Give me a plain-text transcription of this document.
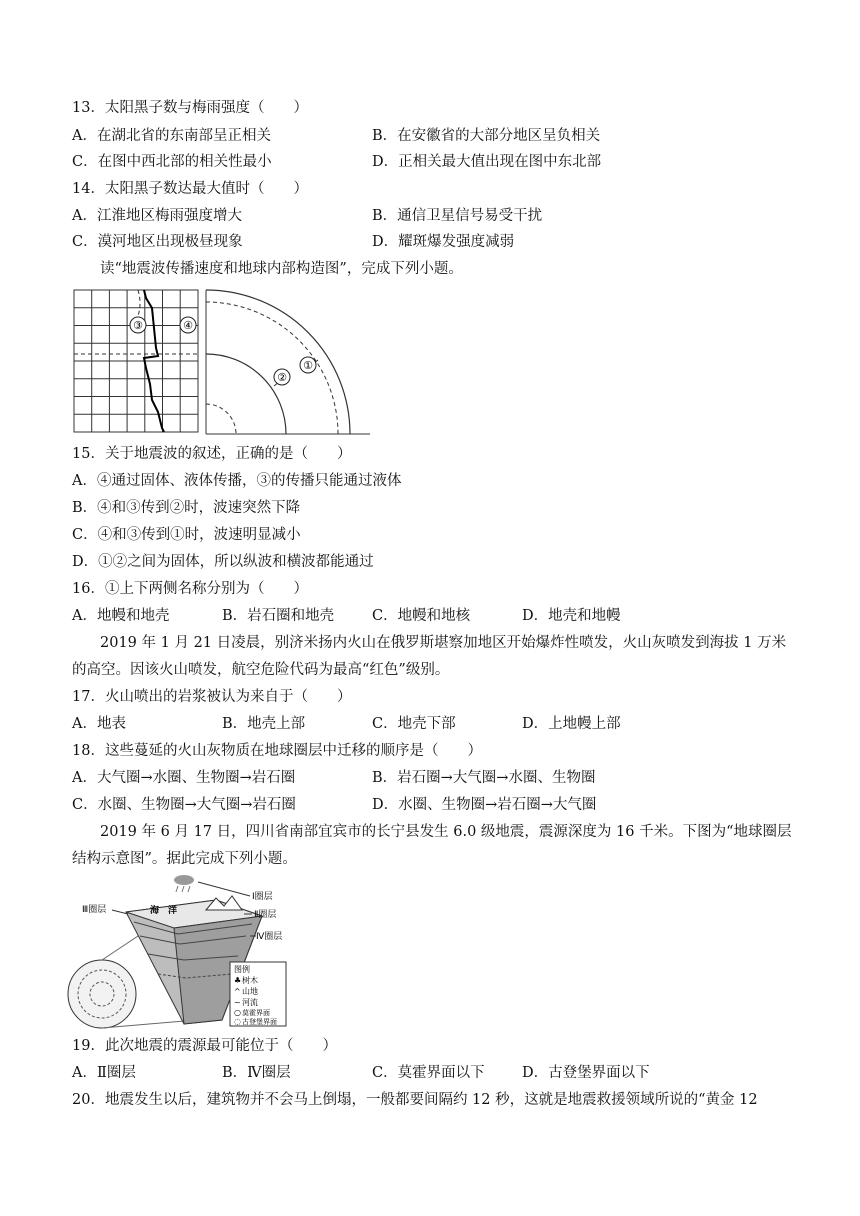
13．太阳黑子数与梅雨强度（　　）
A．在湖北省的东南部呈正相关	B．在安徽省的大部分地区呈负相关
C．在图中西北部的相关性最小	D．正相关最大值出现在图中东北部
14．太阳黑子数达最大值时（　　）
A．江淮地区梅雨强度增大	B．通信卫星信号易受干扰
C．漠河地区出现极昼现象	D．耀斑爆发强度减弱
读“地震波传播速度和地球内部构造图”，完成下列小题。
③	④
①
②
15．关于地震波的叙述，正确的是（　　）
A．④通过固体、液体传播，③的传播只能通过液体
B．④和③传到②时，波速突然下降
C．④和③传到①时，波速明显减小
D．①②之间为固体，所以纵波和横波都能通过
16．①上下两侧名称分别为（　　）
A．地幔和地壳	B．岩石圈和地壳	C．地幔和地核	D．地壳和地幔
2019 年 1 月 21 日凌晨，别济米扬内火山在俄罗斯堪察加地区开始爆炸性喷发，火山灰喷发到海拔 1 万米
的高空。因该火山喷发，航空危险代码为最高“红色”级别。
17．火山喷出的岩浆被认为来自于（　　）
A．地表	B．地壳上部	C．地壳下部	D．上地幔上部
18．这些蔓延的火山灰物质在地球圈层中迁移的顺序是（　　）
A．大气圈→水圈、生物圈→岩石圈	B．岩石圈→大气圈→水圈、生物圈
C．水圈、生物圈→大气圈→岩石圈	D．水圈、生物圈→岩石圈→大气圈
2019 年 6 月 17 日，四川省南部宜宾市的长宁县发生 6.0 级地震，震源深度为 16 千米。下图为“地球圈层
结构示意图”。据此完成下列小题。
Ⅰ圈层
Ⅱ圈层
Ⅲ圈层
Ⅳ圈层
海　洋
图例
♣ 树木
^ 山地
~ 河流
○ 莫霍界面
◌ 古登堡界面
19．此次地震的震源最可能位于（　　）
A．Ⅱ圈层	B．Ⅳ圈层	C．莫霍界面以下	D．古登堡界面以下
20．地震发生以后，建筑物并不会马上倒塌，一般都要间隔约 12 秒，这就是地震救援领域所说的“黄金 12
